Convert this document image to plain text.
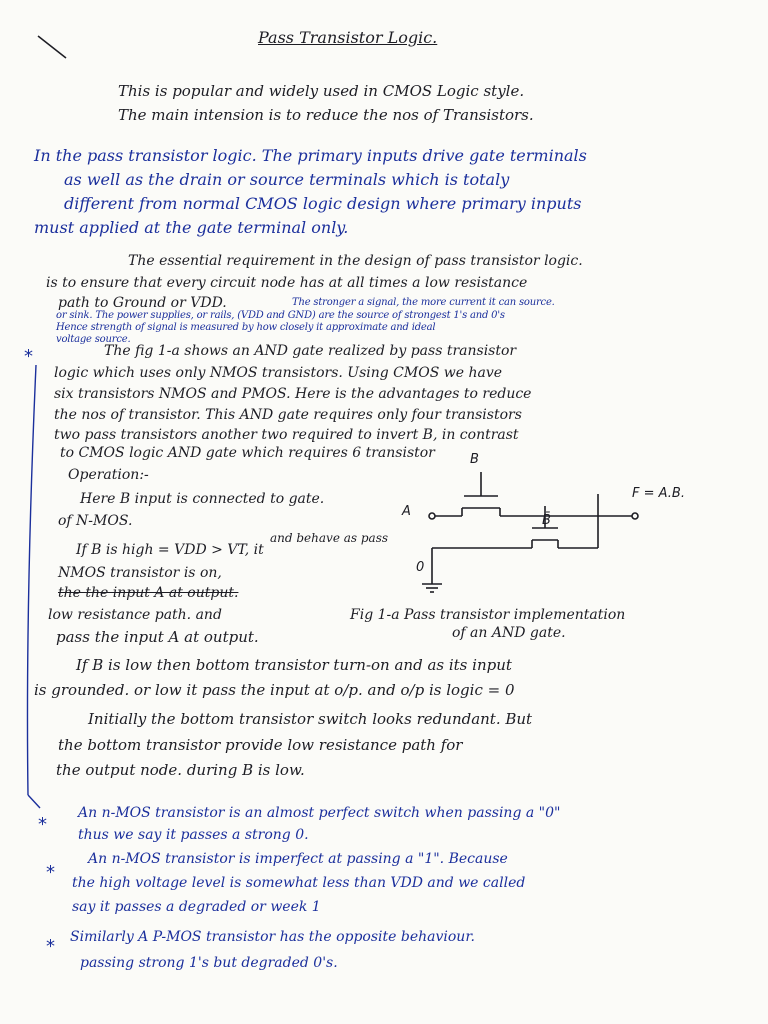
Pass Transistor Logic.
This is popular and widely used in CMOS Logic style.
The main intension is to reduce the nos of Transistors.
In the pass transistor logic. The primary inputs drive gate terminals
as well as the drain or source terminals which is totaly
different from normal CMOS logic design where primary inputs
must applied at the gate terminal only.
The essential requirement in the design of pass transistor logic.
is to ensure that every circuit node has at all times a low resistance
path to Ground or VDD.	The stronger a signal, the more current it can source.
or sink. The power supplies, or rails, (VDD and GND) are the source of strongest 1's and 0's
Hence strength of signal is measured by how closely it approximate and ideal
voltage source.
*	The fig 1-a shows an AND gate realized by pass transistor
logic which uses only NMOS transistors. Using CMOS we have
six transistors NMOS and PMOS. Here is the advantages to reduce
the nos of transistor. This AND gate requires only four transistors
two pass transistors another two required to invert B, in contrast
to CMOS logic AND gate which requires 6 transistor
Operation:-
Here B input is connected to gate.
of N-MOS.
If B is high = VDD > VT, it
and behave as pass
NMOS transistor is on,
the the input A at output.
low resistance path. and
pass the input A at output.
B
A
B̄
0
F = A.B.
Fig 1-a Pass transistor implementation
of an AND gate.
If B is low then bottom transistor turn-on and as its input
is grounded. or low it pass the input at o/p. and o/p is logic = 0
Initially the bottom transistor switch looks redundant. But
the bottom transistor provide low resistance path for
the output node. during B is low.
*
An n-MOS transistor is an almost perfect switch when passing a "0"
thus we say it passes a strong 0.
*
An n-MOS transistor is imperfect at passing a "1". Because
the high voltage level is somewhat less than VDD and we called
say it passes a degraded or week 1
* Similarly A P-MOS transistor has the opposite behaviour.
passing strong 1's but degraded 0's.
